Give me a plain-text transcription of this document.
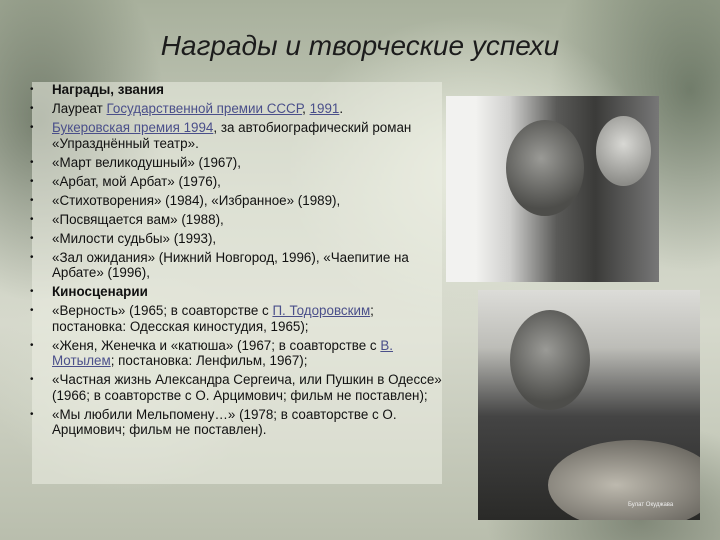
Награды и творческие успехи
• Награды, звания
• Лауреат Государственной премии СССР, 1991.
• Букеровская премия 1994, за автобиографический роман «Упразднённый театр».
• «Март великодушный» (1967),
• «Арбат, мой Арбат» (1976),
• «Стихотворения» (1984), «Избранное» (1989),
• «Посвящается вам» (1988),
• «Милости судьбы» (1993),
• «Зал ожидания» (Нижний Новгород, 1996), «Чаепитие на Арбате» (1996),
• Киносценарии
• «Верность» (1965; в соавторстве с П. Тодоровским; постановка: Одесская киностудия, 1965);
• «Женя, Женечка и «катюша» (1967; в соавторстве с В. Мотылем; постановка: Ленфильм, 1967);
• «Частная жизнь Александра Сергеича, или Пушкин в Одессе» (1966; в соавторстве с О. Арцимович; фильм не поставлен);
• «Мы любили Мельпомену…» (1978; в соавторстве с О. Арцимович; фильм не поставлен).
Булат Окуджава
